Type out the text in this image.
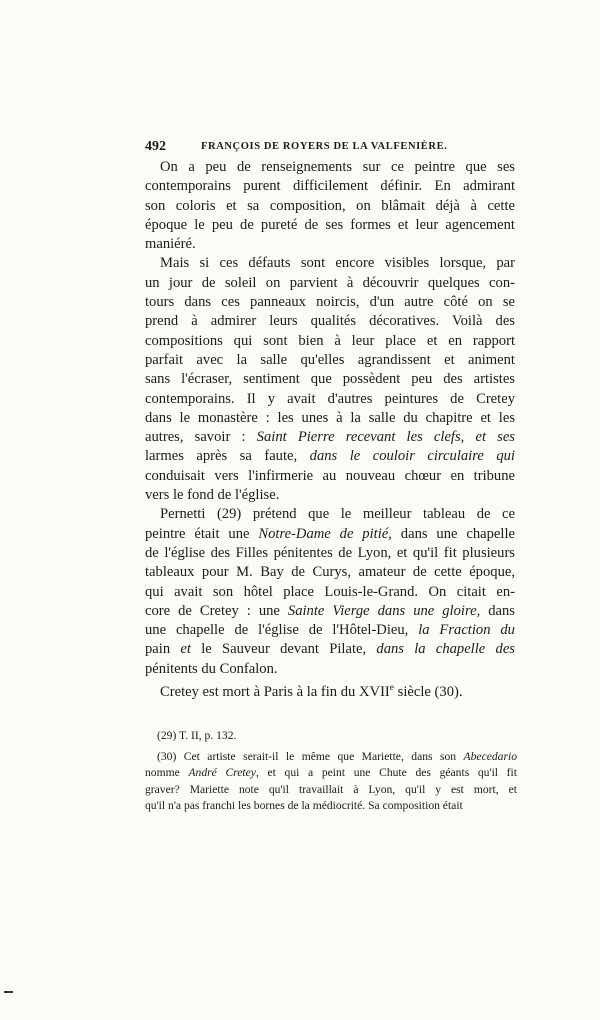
492	FRANÇOIS DE ROYERS DE LA VALFENIÈRE.
On a peu de renseignements sur ce peintre que ses
contemporains purent difficilement définir. En admirant
son coloris et sa composition, on blâmait déjà à cette
époque le peu de pureté de ses formes et leur agencement
maniéré.
Mais si ces défauts sont encore visibles lorsque, par
un jour de soleil on parvient à découvrir quelques con-
tours dans ces panneaux noircis, d'un autre côté on se
prend à admirer leurs qualités décoratives. Voilà des
compositions qui sont bien à leur place et en rapport
parfait avec la salle qu'elles agrandissent et animent
sans l'écraser, sentiment que possèdent peu des artistes
contemporains. Il y avait d'autres peintures de Cretey
dans le monastère : les unes à la salle du chapitre et les
autres, savoir : Saint Pierre recevant les clefs, et ses
larmes après sa faute, dans le couloir circulaire qui
conduisait vers l'infirmerie au nouveau chœur en tribune
vers le fond de l'église.
Pernetti (29) prétend que le meilleur tableau de ce
peintre était une Notre-Dame de pitié, dans une chapelle
de l'église des Filles pénitentes de Lyon, et qu'il fit plusieurs
tableaux pour M. Bay de Curys, amateur de cette époque,
qui avait son hôtel place Louis-le-Grand. On citait en-
core de Cretey : une Sainte Vierge dans une gloire, dans
une chapelle de l'église de l'Hôtel-Dieu, la Fraction du
pain et le Sauveur devant Pilate, dans la chapelle des
pénitents du Confalon.
Cretey est mort à Paris à la fin du XVIIe siècle (30).
(29) T. II, p. 132.
(30) Cet artiste serait-il le même que Mariette, dans son Abecedario
nomme André Cretey, et qui a peint une Chute des géants qu'il fit
graver? Mariette note qu'il travaillait à Lyon, qu'il y est mort, et
qu'il n'a pas franchi les bornes de la médiocrité. Sa composition était
